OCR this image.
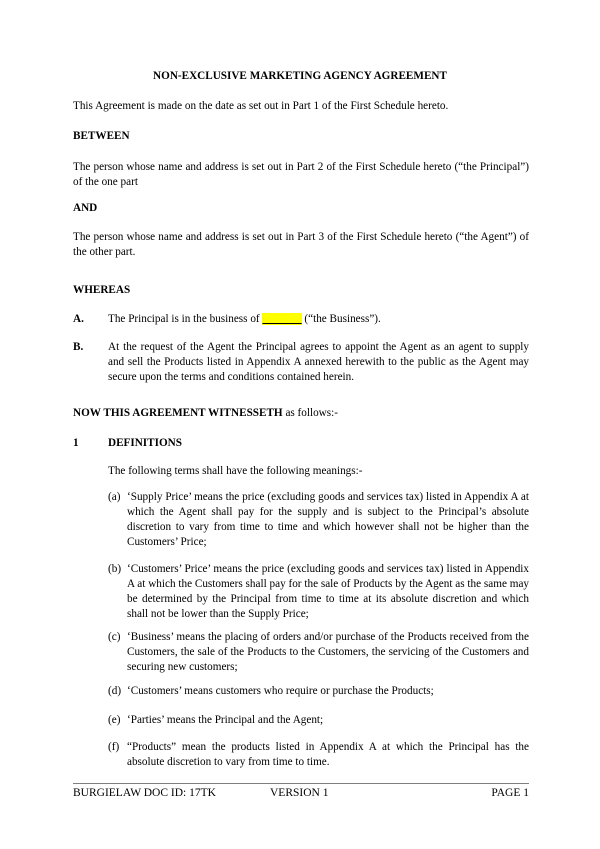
NON-EXCLUSIVE MARKETING AGENCY AGREEMENT
This Agreement is made on the date as set out in Part 1 of the First Schedule hereto.
BETWEEN
The person whose name and address is set out in Part 2 of the First Schedule hereto (“the Principal”) of the one part
AND
The person whose name and address is set out in Part 3 of the First Schedule hereto (“the Agent”) of the other part.
WHEREAS
A. The Principal is in the business of _______ (“the Business”).
B. At the request of the Agent the Principal agrees to appoint the Agent as an agent to supply and sell the Products listed in Appendix A annexed herewith to the public as the Agent may secure upon the terms and conditions contained herein.
NOW THIS AGREEMENT WITNESSETH as follows:-
1	DEFINITIONS
The following terms shall have the following meanings:-
(a) ‘Supply Price’ means the price (excluding goods and services tax) listed in Appendix A at which the Agent shall pay for the supply and is subject to the Principal’s absolute discretion to vary from time to time and which however shall not be higher than the Customers’ Price;
(b) ‘Customers’ Price’ means the price (excluding goods and services tax) listed in Appendix A at which the Customers shall pay for the sale of Products by the Agent as the same may be determined by the Principal from time to time at its absolute discretion and which shall not be lower than the Supply Price;
(c) ‘Business’ means the placing of orders and/or purchase of the Products received from the Customers, the sale of the Products to the Customers, the servicing of the Customers and securing new customers;
(d) ‘Customers’ means customers who require or purchase the Products;
(e) ‘Parties’ means the Principal and the Agent;
(f) “Products” mean the products listed in Appendix A at which the Principal has the absolute discretion to vary from time to time.
BURGIELAW DOC ID: 17TK	VERSION 1	PAGE 1
